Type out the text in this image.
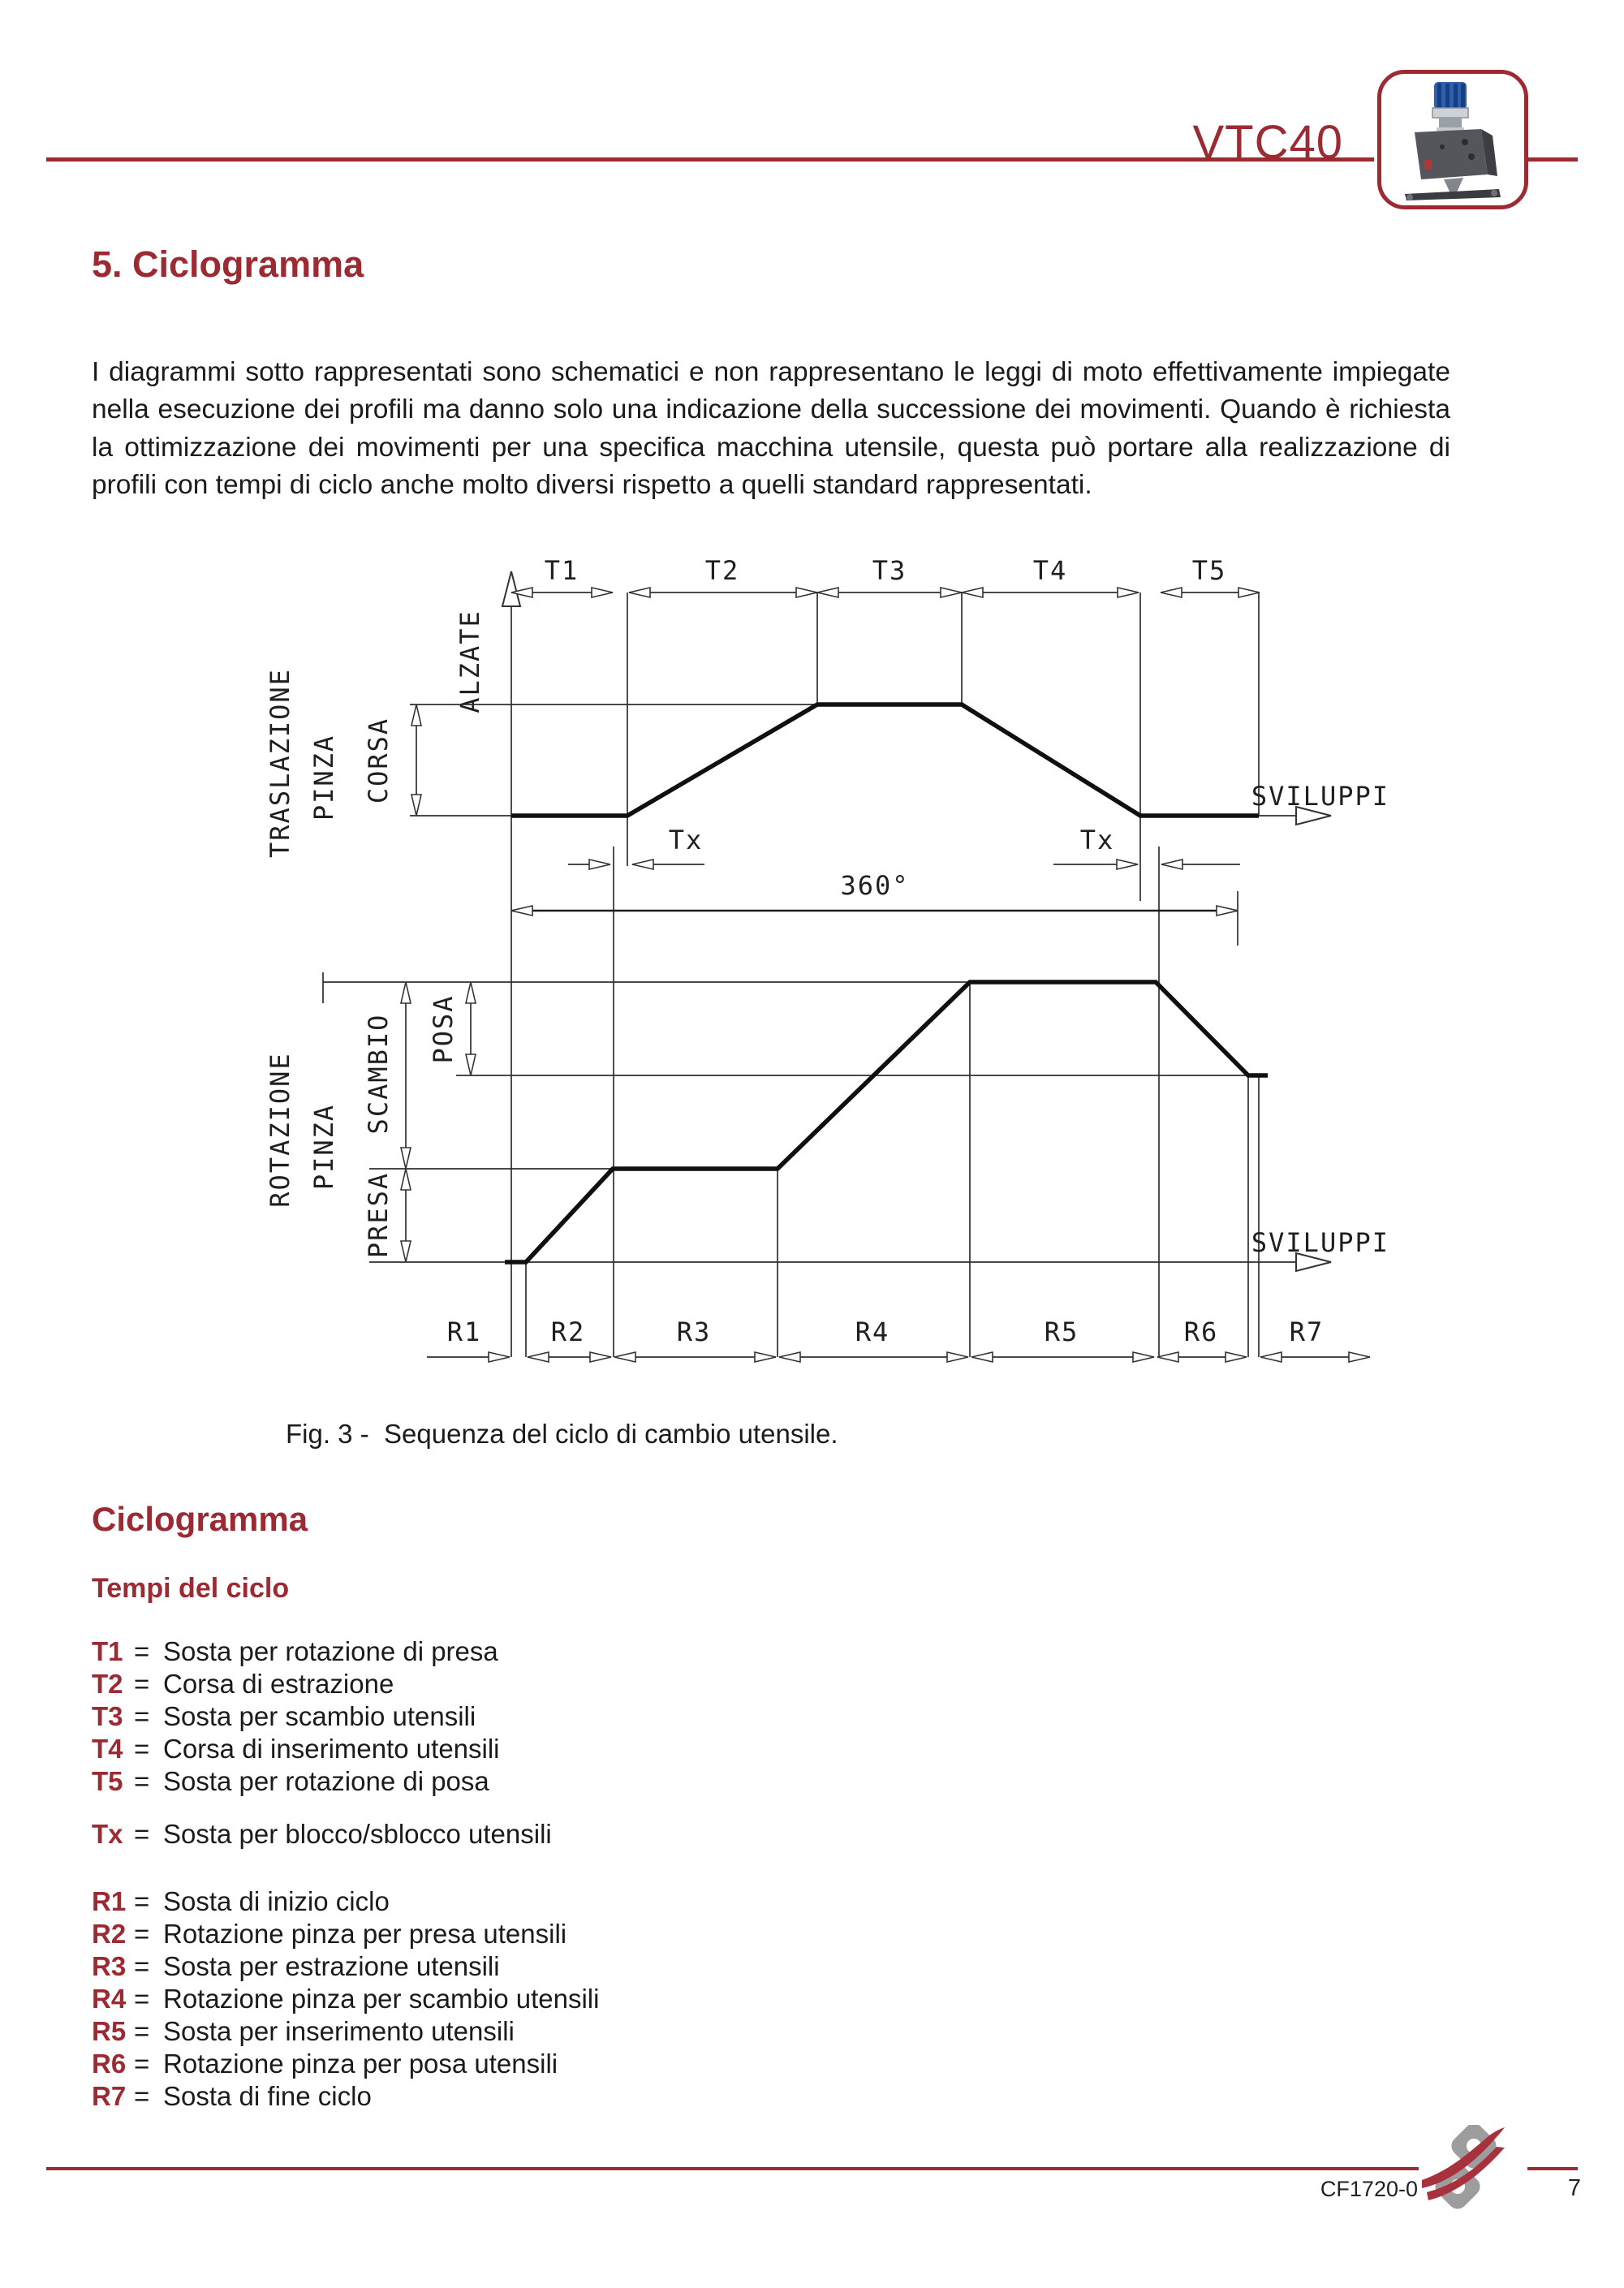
VTC40
5. Ciclogramma

I diagrammi sotto rappresentati sono schematici e non rappresentano le leggi di moto effettivamente impiegate nella esecuzione dei profili ma danno solo una indicazione della successione dei movimenti. Quando è richiesta la ottimizzazione dei movimenti per una specifica macchina utensile, questa può portare alla realizzazione di profili con tempi di ciclo anche molto diversi rispetto a quelli standard rappresentati.

ALZATE
TRASLAZIONE PINZA CORSA
T1	T2	T3	T4	T5
SVILUPPI
Tx	Tx
360°
ROTAZIONE PINZA
SCAMBIO
PRESA
POSA
SVILUPPI
R1	R2	R3	R4	R5	R6	R7
Fig. 3 -  Sequenza del ciclo di cambio utensile.
Ciclogramma
Tempi del ciclo
T1 = Sosta per rotazione di presa
T2 = Corsa di estrazione
T3 = Sosta per scambio utensili
T4 = Corsa di inserimento utensili
T5 = Sosta per rotazione di posa
Tx = Sosta per blocco/sblocco utensili
R1 = Sosta di inizio ciclo
R2 = Rotazione pinza per presa utensili
R3 = Sosta per estrazione utensili
R4 = Rotazione pinza per scambio utensili
R5 = Sosta per inserimento utensili
R6 = Rotazione pinza per posa utensili
R7 = Sosta di fine ciclo
CF1720-0	7
